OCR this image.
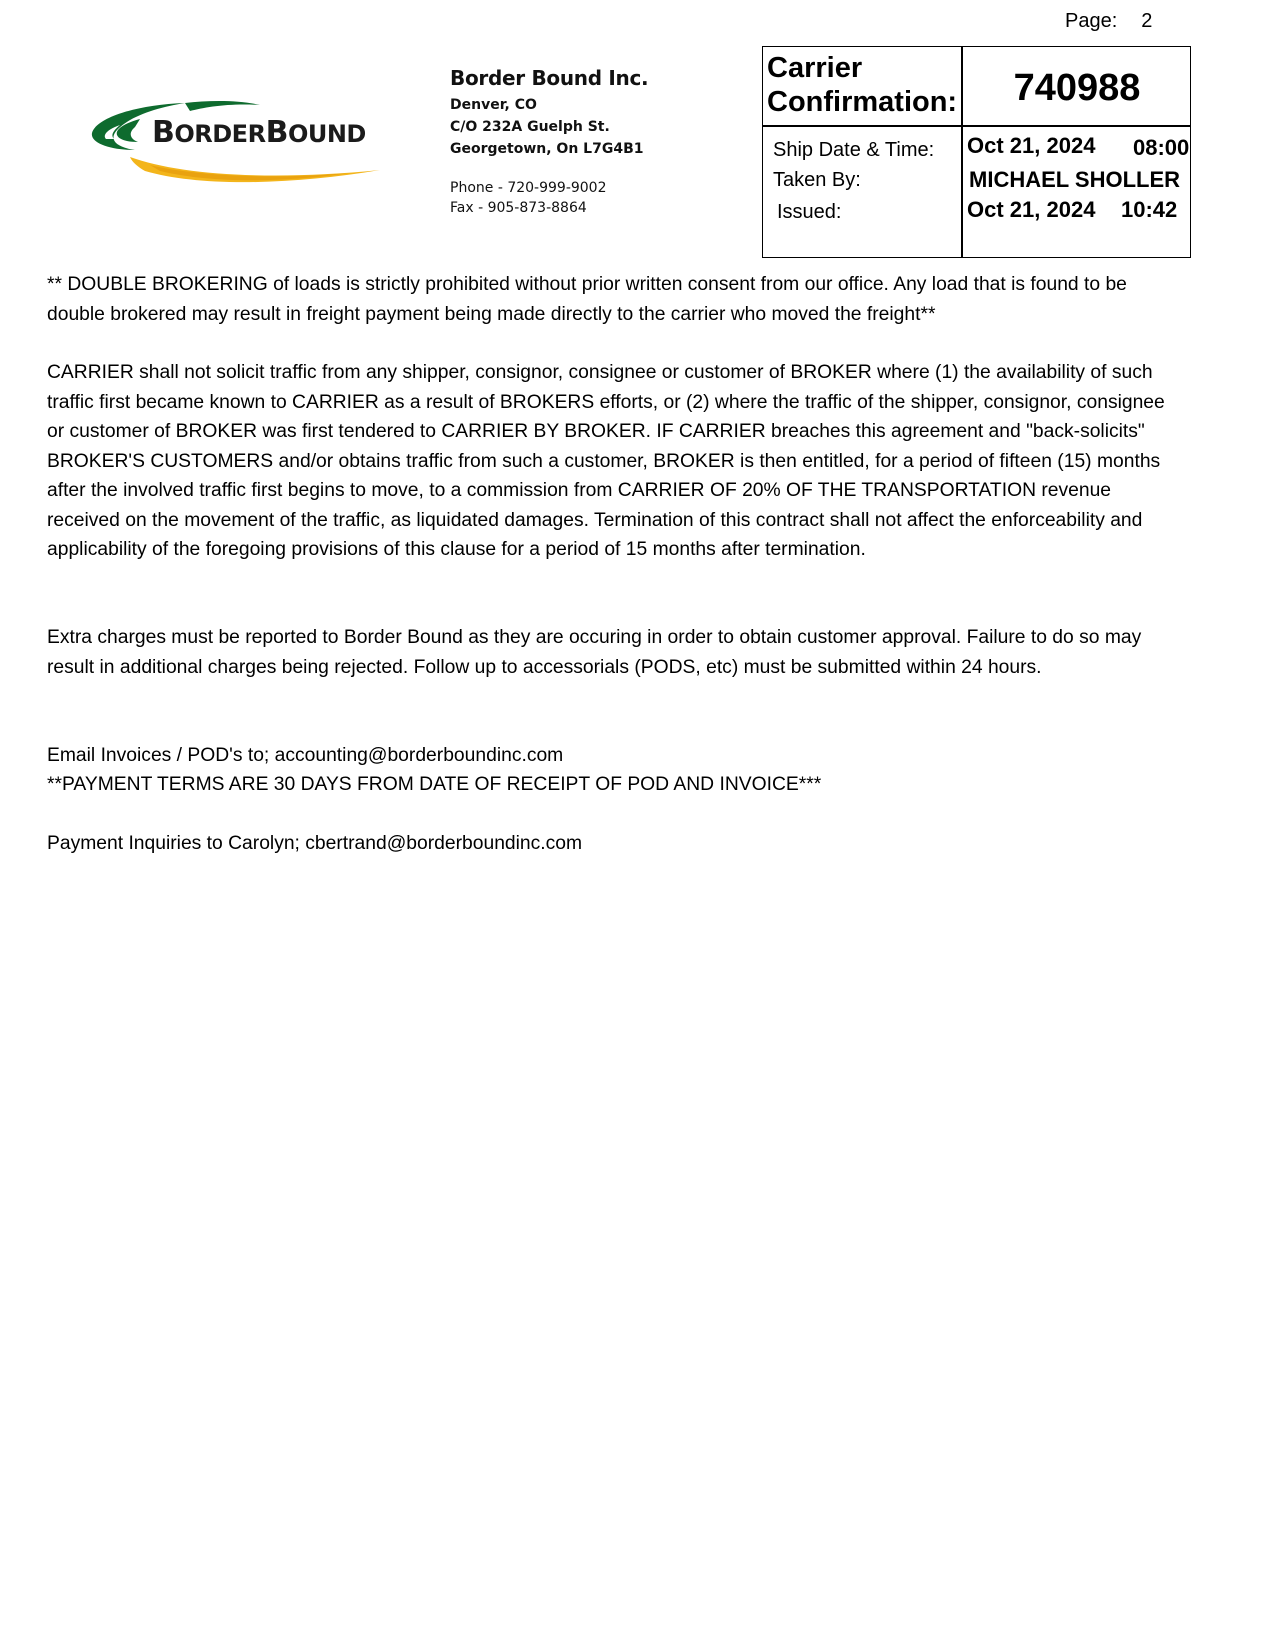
Page: 2
BORDERBOUND
Border Bound Inc.
Denver, CO
C/O 232A Guelph St.
Georgetown, On L7G4B1
Phone - 720-999-9002
Fax - 905-873-8864
Carrier
Confirmation:	740988
Ship Date & Time:
Taken By:
Issued:
Oct 21, 2024 08:00
MICHAEL SHOLLER
Oct 21, 2024 10:42

** DOUBLE BROKERING of loads is strictly prohibited without prior written consent from our office. Any load that is found to be double brokered may result in freight payment being made directly to the carrier who moved the freight**

CARRIER shall not solicit traffic from any shipper, consignor, consignee or customer of BROKER where (1) the availability of such traffic first became known to CARRIER as a result of BROKERS efforts, or (2) where the traffic of the shipper, consignor, consignee or customer of BROKER was first tendered to CARRIER BY BROKER. IF CARRIER breaches this agreement and "back-solicits" BROKER'S CUSTOMERS and/or obtains traffic from such a customer, BROKER is then entitled, for a period of fifteen (15) months after the involved traffic first begins to move, to a commission from CARRIER OF 20% OF THE TRANSPORTATION revenue received on the movement of the traffic, as liquidated damages. Termination of this contract shall not affect the enforceability and applicability of the foregoing provisions of this clause for a period of 15 months after termination.

Extra charges must be reported to Border Bound as they are occuring in order to obtain customer approval. Failure to do so may result in additional charges being rejected. Follow up to accessorials (PODS, etc) must be submitted within 24 hours.

Email Invoices / POD's to; accounting@borderboundinc.com

**PAYMENT TERMS ARE 30 DAYS FROM DATE OF RECEIPT OF POD AND INVOICE***

Payment Inquiries to Carolyn; cbertrand@borderboundinc.com
